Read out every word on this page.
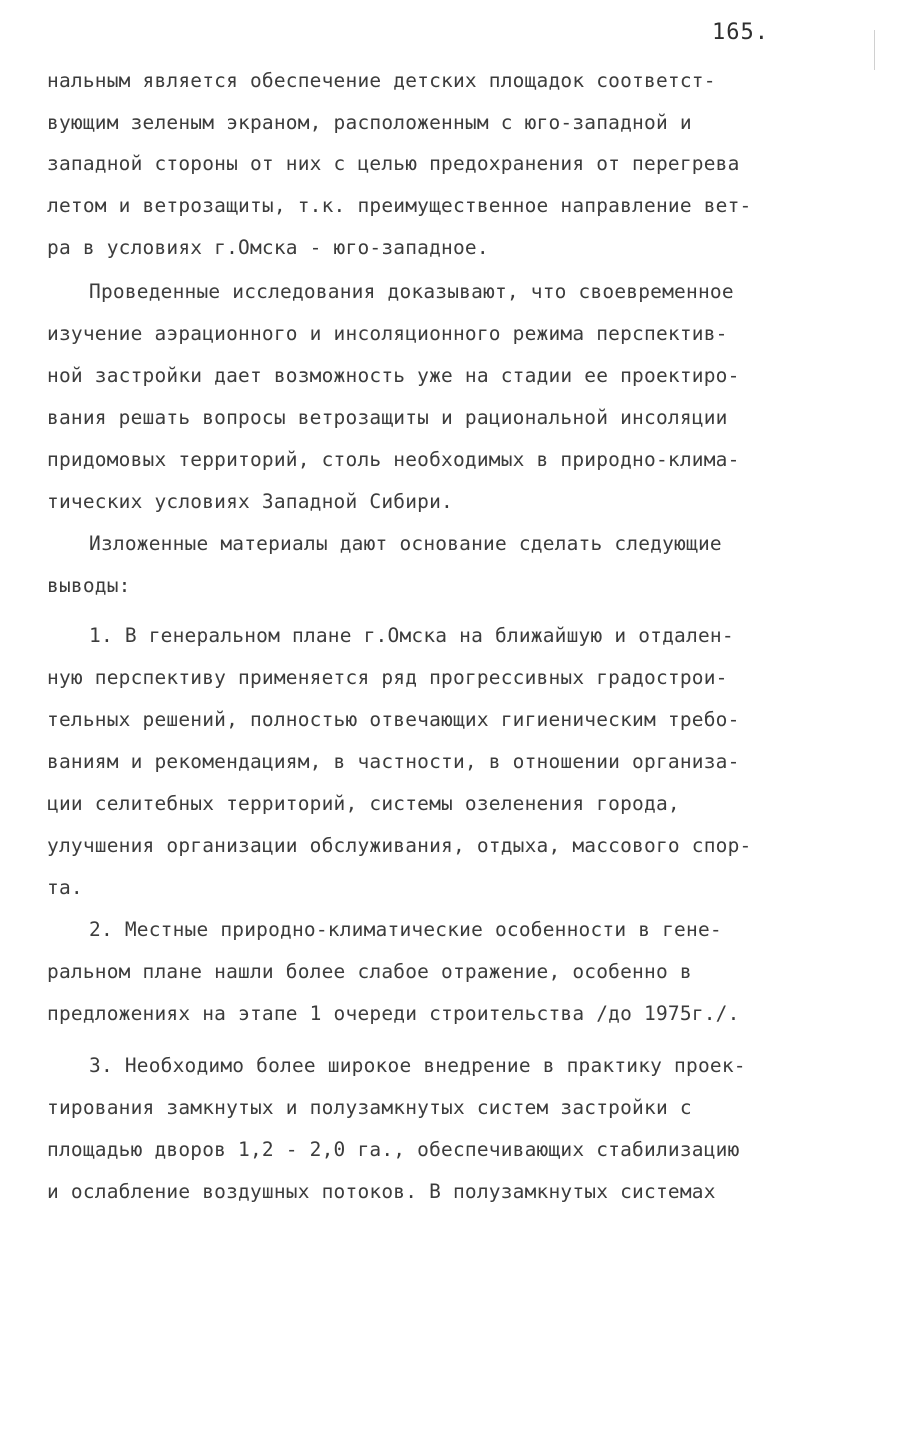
165.
нальным является обеспечение детских площадок соответст-
вующим зеленым экраном, расположенным с юго-западной и
западной стороны от них с целью предохранения от перегрева
летом и ветрозащиты, т.к. преимущественное направление вет-
ра в условиях г.Омска - юго-западное.
Проведенные исследования доказывают, что своевременное
изучение аэрационного и инсоляционного режима перспектив-
ной застройки дает возможность уже на стадии ее проектиро-
вания решать вопросы ветрозащиты и рациональной инсоляции
придомовых территорий, столь необходимых в природно-клима-
тических условиях Западной Сибири.
Изложенные материалы дают основание сделать следующие
выводы:
1. В генеральном плане г.Омска на ближайшую и отдален-
ную перспективу применяется ряд прогрессивных градострои-
тельных решений, полностью отвечающих гигиеническим требо-
ваниям и рекомендациям, в частности, в отношении организа-
ции селитебных территорий, системы озеленения города,
улучшения организации обслуживания, отдыха, массового спор-
та.
2. Местные природно-климатические особенности в гене-
ральном плане нашли более слабое отражение, особенно в
предложениях на этапе 1 очереди строительства /до 1975г./.
3. Необходимо более широкое внедрение в практику проек-
тирования замкнутых и полузамкнутых систем застройки с
площадью дворов 1,2 - 2,0 га., обеспечивающих стабилизацию
и ослабление воздушных потоков. В полузамкнутых системах
